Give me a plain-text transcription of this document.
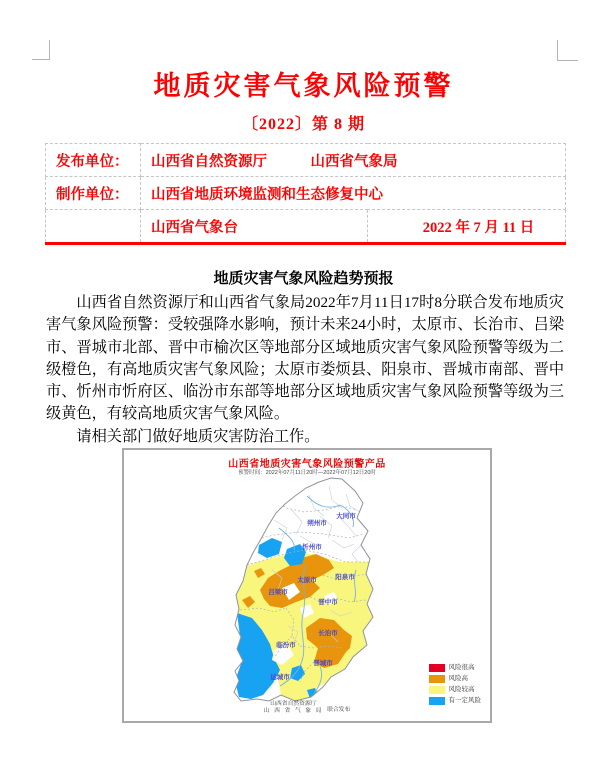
地质灾害气象风险预警
〔2022〕第 8 期
发布单位：	山西省自然资源厅　　　山西省气象局	
制作单位：	山西省地质环境监测和生态修复中心	
	山西省气象台	2022 年 7 月 11 日
地质灾害气象风险趋势预报

山西省自然资源厅和山西省气象局2022年7月11日17时8分联合发布地质灾害气象风险预警：受较强降水影响，预计未来24小时，太原市、长治市、吕梁市、晋城市北部、晋中市榆次区等地部分区域地质灾害气象风险预警等级为二级橙色，有高地质灾害气象风险；太原市娄烦县、阳泉市、晋城市南部、晋中市、忻州市忻府区、临汾市东部等地部分区域地质灾害气象风险预警等级为三级黄色，有较高地质灾害气象风险。

请相关部门做好地质灾害防治工作。

大同市
朔州市
忻州市
阳泉市
太原市
吕梁市
晋中市
长治市
临汾市
晋城市
运城市
山西省地质灾害气象风险预警产品
预警时间：2022年07月11日20时—2022年07月12日20时
风险很高
风险高
风险较高
有一定风险
山西省自然资源厅
山 西 省 气 象 局 联合发布
